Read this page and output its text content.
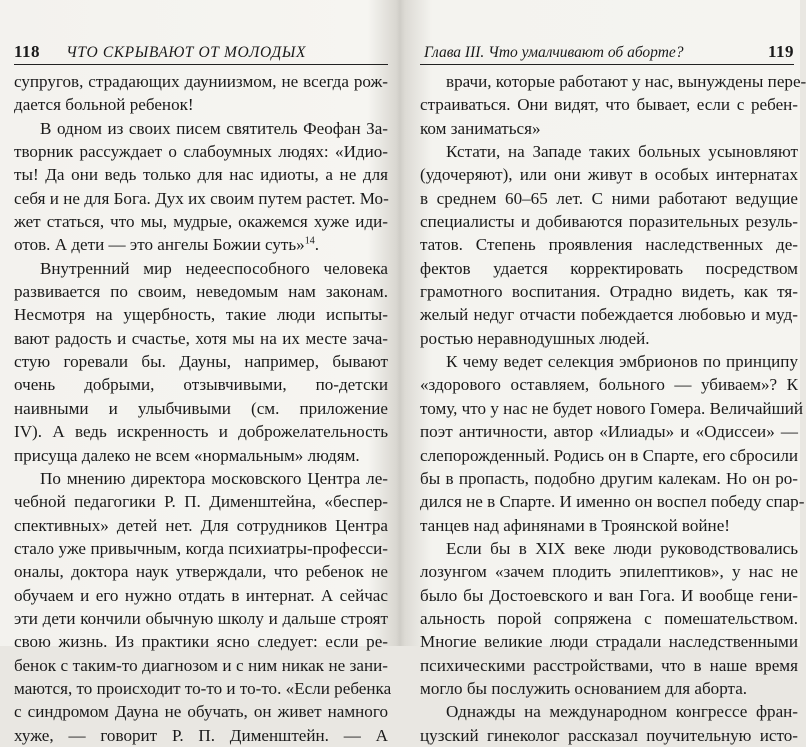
118 ЧТО СКРЫВАЮТ ОТ МОЛОДЫХ
супругов, страдающих дауниизмом, не всегда рож-
дается больной ребенок!
В одном из своих писем святитель Феофан За-
творник рассуждает о слабоумных людях: «Идио-
ты! Да они ведь только для нас идиоты, а не для
себя и не для Бога. Дух их своим путем растет. Мо-
жет статься, что мы, мудрые, окажемся хуже иди-
отов. А дети — это ангелы Божии суть»$^{14}$.
Внутренний мир недееспособного человека
развивается по своим, неведомым нам законам.
Несмотря на ущербность, такие люди испыты-
вают радость и счастье, хотя мы на их месте зача-
стую горевали бы. Дауны, например, бывают
очень добрыми, отзывчивыми, по-детски
наивными и улыбчивыми (см. приложение
IV). А ведь искренность и доброжелательность
присуща далеко не всем «нормальным» людям.
По мнению директора московского Центра ле-
чебной педагогики Р. П. Дименштейна, «беспер-
спективных» детей нет. Для сотрудников Центра
стало уже привычным, когда психиатры-професси-
оналы, доктора наук утверждали, что ребенок не
обучаем и его нужно отдать в интернат. А сейчас
эти дети кончили обычную школу и дальше строят
свою жизнь. Из практики ясно следует: если ре-
бенок с таким-то диагнозом и с ним никак не зани-
маются, то происходит то-то и то-то. «Если ребенка
с синдромом Дауна не обучать, он живет намного
хуже, — говорит Р. П. Дименштейн. — А
Глава III. Что умалчивают об аборте?	119
врачи, которые работают у нас, вынуждены пере-
страиваться. Они видят, что бывает, если с ребен-
ком заниматься»
Кстати, на Западе таких больных усыновляют
(удочеряют), или они живут в особых интернатах
в среднем 60–65 лет. С ними работают ведущие
специалисты и добиваются поразительных резуль-
татов. Степень проявления наследственных де-
фектов удается корректировать посредством
грамотного воспитания. Отрадно видеть, как тя-
желый недуг отчасти побеждается любовью и муд-
ростью неравнодушных людей.
К чему ведет селекция эмбрионов по принципу
«здорового оставляем, больного — убиваем»? К
тому, что у нас не будет нового Гомера. Величайший
поэт античности, автор «Илиады» и «Одиссеи» —
слепорожденный. Родись он в Спарте, его сбросили
бы в пропасть, подобно другим калекам. Но он ро-
дился не в Спарте. И именно он воспел победу спар-
танцев над афинянами в Троянской войне!
Если бы в XIX веке люди руководствовались
лозунгом «зачем плодить эпилептиков», у нас не
было бы Достоевского и ван Гога. И вообще гени-
альность порой сопряжена с помешательством.
Многие великие люди страдали наследственными
психическими расстройствами, что в наше время
могло бы послужить основанием для аборта.
Однажды на международном конгрессе фран-
цузский гинеколог рассказал поучительную исто-
